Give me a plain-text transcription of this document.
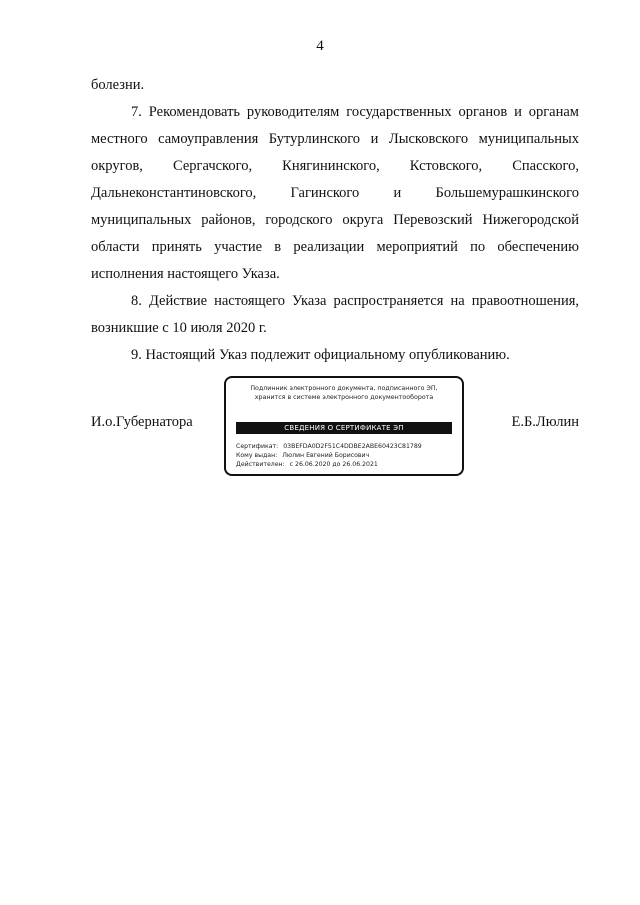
4

болезни.

7. Рекомендовать руководителям государственных органов и органам местного самоуправления Бутурлинского и Лысковского муниципальных округов, Сергачского, Княгининского, Кстовского, Спасского, Дальнеконстантиновского, Гагинского и Большемурашкинского муниципальных районов, городского округа Перевозский Нижегородской области принять участие в реализации мероприятий по обеспечению исполнения настоящего Указа.

8. Действие настоящего Указа распространяется на правоотношения, возникшие с 10 июля 2020 г.

9. Настоящий Указ подлежит официальному опубликованию.

И.о.Губернатора
Подлинник электронного документа, подписанного ЭП,
хранится в системе электронного документооборота
СВЕДЕНИЯ О СЕРТИФИКАТЕ ЭП
Сертификат: 03BEFDA0D2F51C4DDBE2ABE60423C81789
Кому выдан: Люлин Евгений Борисович
Действителен: с 26.06.2020 до 26.06.2021
Е.Б.Люлин
